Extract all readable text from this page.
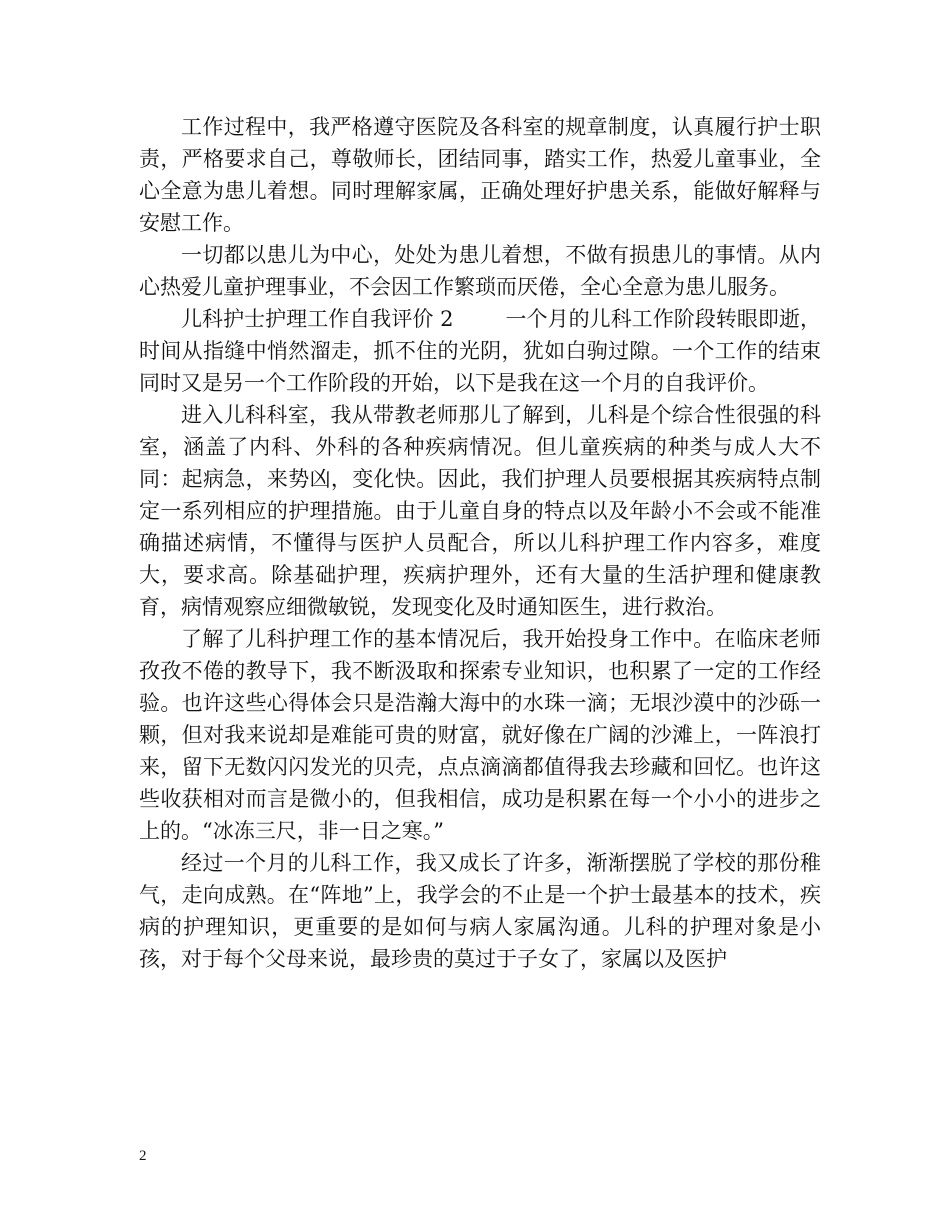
工作过程中，我严格遵守医院及各科室的规章制度，认真履行护士职责，严格要求自己，尊敬师长，团结同事，踏实工作，热爱儿童事业，全心全意为患儿着想。同时理解家属，正确处理好护患关系，能做好解释与安慰工作。

一切都以患儿为中心，处处为患儿着想，不做有损患儿的事情。从内心热爱儿童护理事业，不会因工作繁琐而厌倦，全心全意为患儿服务。

儿科护士护理工作自我评价 2 一个月的儿科工作阶段转眼即逝，时间从指缝中悄然溜走，抓不住的光阴，犹如白驹过隙。一个工作的结束同时又是另一个工作阶段的开始，以下是我在这一个月的自我评价。

进入儿科科室，我从带教老师那儿了解到，儿科是个综合性很强的科室，涵盖了内科、外科的各种疾病情况。但儿童疾病的种类与成人大不同：起病急，来势凶，变化快。因此，我们护理人员要根据其疾病特点制定一系列相应的护理措施。由于儿童自身的特点以及年龄小不会或不能准确描述病情，不懂得与医护人员配合，所以儿科护理工作内容多，难度大，要求高。除基础护理，疾病护理外，还有大量的生活护理和健康教育，病情观察应细微敏锐，发现变化及时通知医生，进行救治。

了解了儿科护理工作的基本情况后，我开始投身工作中。在临床老师孜孜不倦的教导下，我不断汲取和探索专业知识，也积累了一定的工作经验。也许这些心得体会只是浩瀚大海中的水珠一滴；无垠沙漠中的沙砾一颗，但对我来说却是难能可贵的财富，就好像在广阔的沙滩上，一阵浪打来，留下无数闪闪发光的贝壳，点点滴滴都值得我去珍藏和回忆。也许这些收获相对而言是微小的，但我相信，成功是积累在每一个小小的进步之上的。“冰冻三尺，非一日之寒。”

经过一个月的儿科工作，我又成长了许多，渐渐摆脱了学校的那份稚气，走向成熟。在“阵地”上，我学会的不止是一个护士最基本的技术，疾病的护理知识，更重要的是如何与病人家属沟通。儿科的护理对象是小孩，对于每个父母来说，最珍贵的莫过于子女了，家属以及医护

2
